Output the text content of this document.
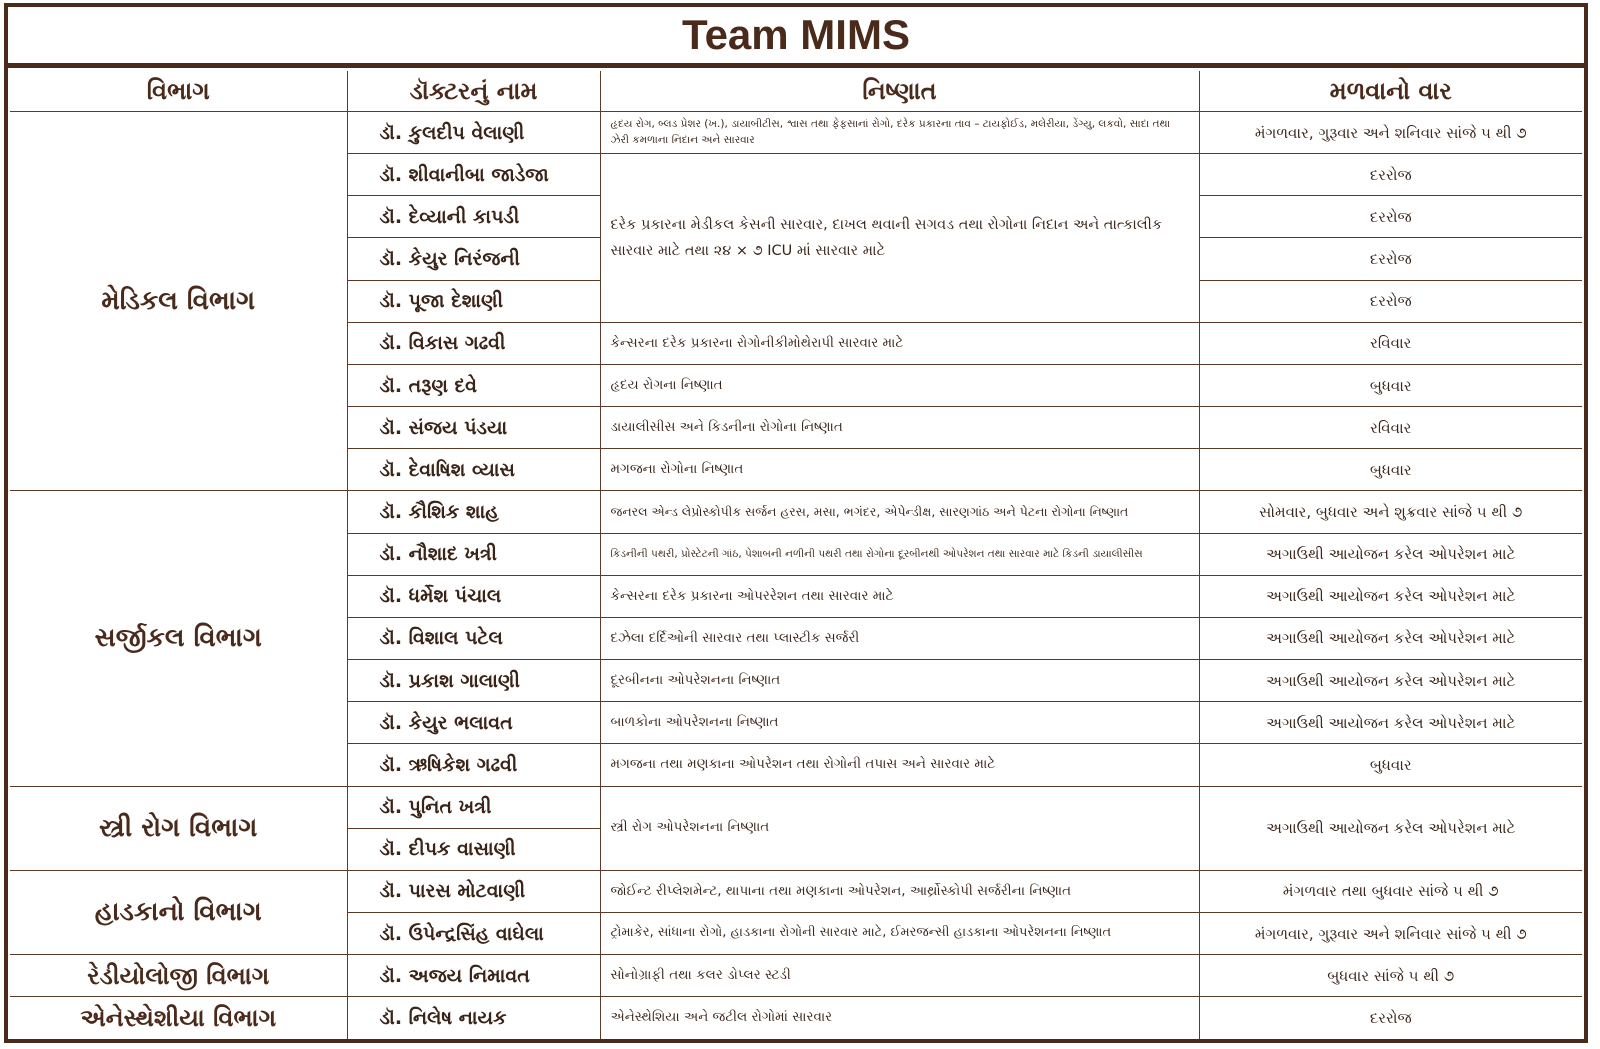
Team MIMS
વિભાગ	ડૉક્ટરનું નામ	નિષ્ણાત	મળવાનો વાર
મેડિકલ વિભાગ	ડૉ. કુલદીપ વેલાણી	હૃદય રોગ, બ્લડ પ્રેશર (ખ.), ડાયાબીટીસ, શ્વાસ તથા ફેફસાનાં રોગો, દરેક પ્રકારના તાવ – ટાયફોઈડ, મલેરીયા, ડેંગ્યુ, લકવો, સાદા તથા ઝેરી કમળાના નિદાન અને સારવાર	મંગળવાર, ગુરૂવાર અને શનિવાર સાંજે ૫ થી ૭
	ડૉ. શીવાનીબા જાડેજા	દરેક પ્રકારના મેડીકલ કેસની સારવાર, દાખલ થવાની સગવડ તથા રોગોના નિદાન અને તાત્કાલીક સારવાર માટે તથા ૨૪ × ૭ ICU માં સારવાર માટે	દરરોજ
	ડૉ. દેવ્યાની કાપડી		દરરોજ
	ડૉ. કેયુર નિરંજની		દરરોજ
	ડૉ. પૂજા દેશાણી		દરરોજ
	ડૉ. વિકાસ ગઢવી	કેન્સરના દરેક પ્રકારના રોગોનીકીમોથેરાપી સારવાર માટે	રવિવાર
	ડૉ. તરૂણ દવે	હૃદય રોગના નિષ્ણાત	બુધવાર
	ડૉ. સંજય પંડયા	ડાયાલીસીસ અને કિડનીના રોગોના નિષ્ણાત	રવિવાર
	ડૉ. દેવાષિશ વ્યાસ	મગજના રોગોના નિષ્ણાત	બુધવાર
સર્જીકલ વિભાગ	ડૉ. કૌશિક શાહ	જનરલ એન્ડ લેપ્રોસ્કોપીક સર્જન હરસ, મસા, ભગંદર, એપેન્ડીક્ષ, સારણગાંઠ અને પેટના રોગોના નિષ્ણાત	સોમવાર, બુધવાર અને શુક્રવાર સાંજે ૫ થી ૭
	ડૉ. નૌશાદ ખત્રી	કિડનીની પથરી, પ્રોસ્ટેટની ગાંઠ, પેશાબની નળીની પથરી તથા રોગોના દૂરબીનથી ઓપરેશન તથા સારવાર માટે કિડની ડાયાલીસીસ	અગાઉથી આયોજન કરેલ ઓપરેશન માટે
	ડૉ. ધર્મેશ પંચાલ	કેન્સરના દરેક પ્રકારના ઓપરરેશન તથા સારવાર માટે	અગાઉથી આયોજન કરેલ ઓપરેશન માટે
	ડૉ. વિશાલ પટેલ	દઝેલા દર્દિઓની સારવાર તથા પ્લાસ્ટીક સર્જરી	અગાઉથી આયોજન કરેલ ઓપરેશન માટે
	ડૉ. પ્રકાશ ગાલાણી	દૂરબીનના ઓપરેશનના નિષ્ણાત	અગાઉથી આયોજન કરેલ ઓપરેશન માટે
	ડૉ. કેયુર ભલાવત	બાળકોના ઓપરેશનના નિષ્ણાત	અગાઉથી આયોજન કરેલ ઓપરેશન માટે
	ડૉ. ઋષિકેશ ગઢવી	મગજના તથા મણકાના ઓપરેશન તથા રોગોની તપાસ અને સારવાર માટે	બુધવાર
સ્ત્રી રોગ વિભાગ	ડૉ. પુનિત ખત્રી	સ્ત્રી રોગ ઓપરેશનના નિષ્ણાત	અગાઉથી આયોજન કરેલ ઓપરેશન માટે
	ડૉ. દીપક વાસાણી		
હાડકાનો વિભાગ	ડૉ. પારસ મોટવાણી	જોઈન્ટ રીપ્લેશમેન્ટ, થાપાના તથા મણકાના ઓપરેશન, આર્થ્રોસ્કોપી સર્જરીના નિષ્ણાત	મંગળવાર તથા બુધવાર સાંજે ૫ થી ૭
	ડૉ. ઉપેન્દ્રસિંહ વાઘેલા	ટ્રોમાકેર, સાંધાના રોગો, હાડકાના રોગોની સારવાર માટે, ઈમરજન્સી હાડકાના ઓપરેશનના નિષ્ણાત	મંગળવાર, ગુરૂવાર અને શનિવાર સાંજે ૫ થી ૭
રેડીયોલોજી વિભાગ	ડૉ. અજય નિમાવત	સોનોગ્રાફી તથા કલર ડોપ્લર સ્ટડી	બુધવાર સાંજે ૫ થી ૭
એનેસ્થેશીયા વિભાગ	ડૉ. નિલેષ નાયક	એનેસ્થેશિયા અને જટીલ રોગોમાં સારવાર	દરરોજ
